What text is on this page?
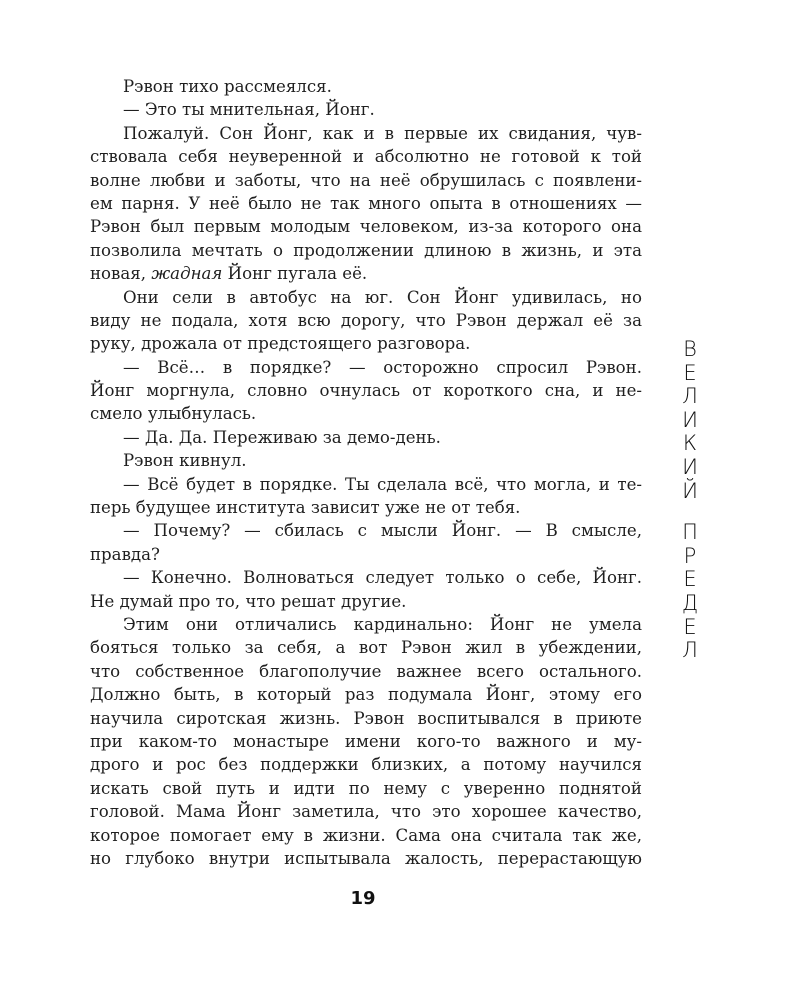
Рэвон тихо рассмеялся.
— Это ты мнительная, Йонг.
Пожалуй. Сон Йонг, как и в первые их свидания, чув-
ствовала себя неуверенной и абсолютно не готовой к той
волне любви и заботы, что на неё обрушилась с появлени-
ем парня. У неё было не так много опыта в отношениях —
Рэвон был первым молодым человеком, из-за которого она
позволила мечтать о продолжении длиною в жизнь, и эта
новая, жадная Йонг пугала её.
Они сели в автобус на юг. Сон Йонг удивилась, но
виду не подала, хотя всю дорогу, что Рэвон держал её за
руку, дрожала от предстоящего разговора.
— Всё… в порядке? — осторожно спросил Рэвон.
Йонг моргнула, словно очнулась от короткого сна, и не-
смело улыбнулась.
— Да. Да. Переживаю за демо-день.
Рэвон кивнул.
— Всё будет в порядке. Ты сделала всё, что могла, и те-
перь будущее института зависит уже не от тебя.
— Почему? — сбилась с мысли Йонг. — В смысле,
правда?
— Конечно. Волноваться следует только о себе, Йонг.
Не думай про то, что решат другие.
Этим они отличались кардинально: Йонг не умела
бояться только за себя, а вот Рэвон жил в убеждении,
что собственное благополучие важнее всего остального.
Должно быть, в который раз подумала Йонг, этому его
научила сиротская жизнь. Рэвон воспитывался в приюте
при каком-то монастыре имени кого-то важного и му-
дрого и рос без поддержки близких, а потому научился
искать свой путь и идти по нему с уверенно поднятой
головой. Мама Йонг заметила, что это хорошее качество,
которое помогает ему в жизни. Сама она считала так же,
но глубоко внутри испытывала жалость, перерастающую
В
Е
Л
И
К
И
Й
П
Р
Е
Д
Е
Л
19
